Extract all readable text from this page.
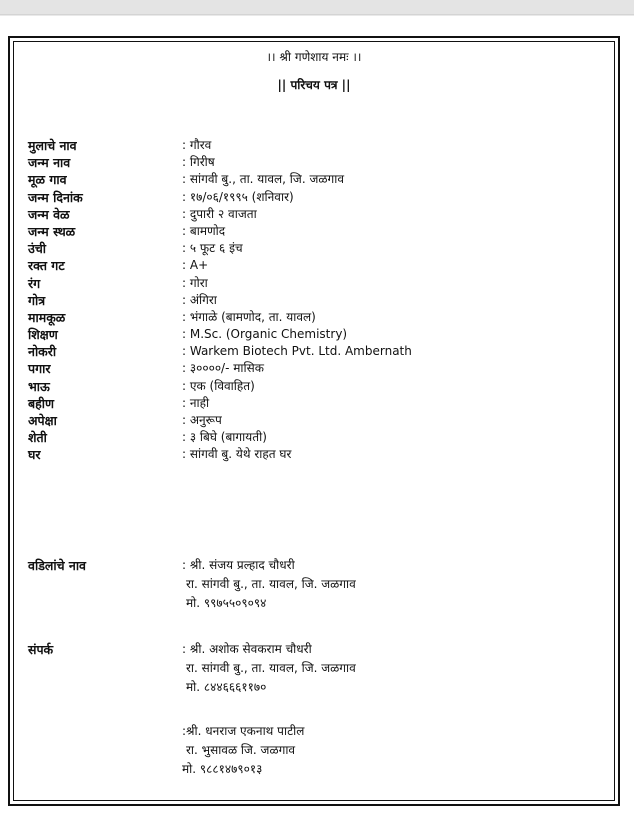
।। श्री गणेशाय नमः ।।
|| परिचय पत्र ||
मुलाचे नाव	: गौरव
जन्म नाव	: गिरीष
मूळ गाव	: सांगवी बु., ता. यावल, जि. जळगाव
जन्म दिनांक	: १७/०६/१९९५ (शनिवार)
जन्म वेळ	: दुपारी २ वाजता
जन्म स्थळ	: बामणोद
उंची	: ५ फूट ६ इंच
रक्त गट	: A+
रंग	: गोरा
गोत्र	: अंगिरा
मामकूळ	: भंगाळे (बामणोद, ता. यावल)
शिक्षण	: M.Sc. (Organic Chemistry)
नोकरी	: Warkem Biotech Pvt. Ltd. Ambernath
पगार	: ३००००/- मासिक
भाऊ	: एक (विवाहित)
बहीण	: नाही
अपेक्षा	: अनुरूप
शेती	: ३ बिघे (बागायती)
घर	: सांगवी बु. येथे राहत घर
वडिलांचे नाव	: श्री. संजय प्रल्हाद चौधरी
रा. सांगवी बु., ता. यावल, जि. जळगाव
मो. ९९७५५०९०९४
संपर्क	: श्री. अशोक सेवकराम चौधरी
रा. सांगवी बु., ता. यावल, जि. जळगाव
मो. ८४४६६६११७०
:श्री. धनराज एकनाथ पाटील
रा. भुसावळ जि. जळगाव
मो. ९८८१४७९०१३
